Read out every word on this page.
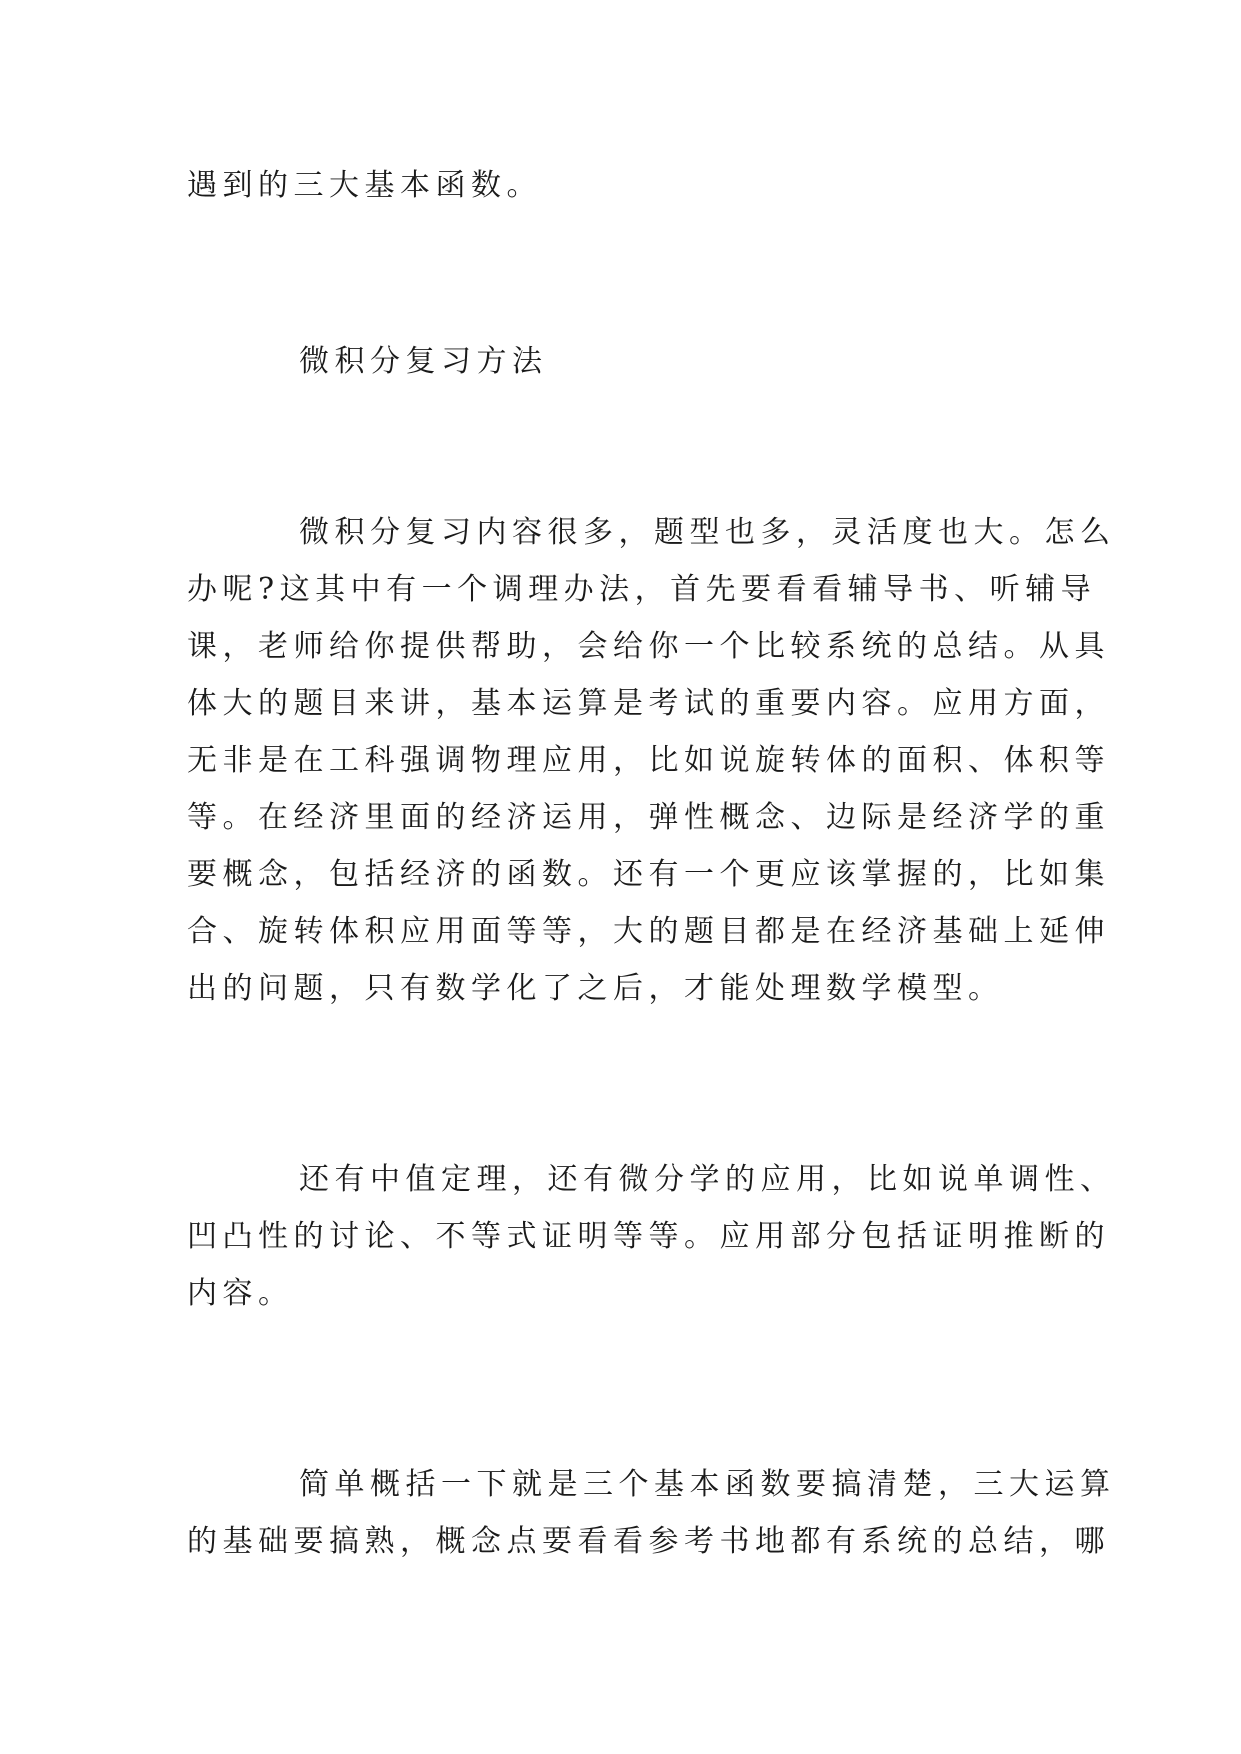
遇到的三大基本函数。
微积分复习方法
微积分复习内容很多，题型也多，灵活度也大。怎么
办呢?这其中有一个调理办法，首先要看看辅导书、听辅导
课，老师给你提供帮助，会给你一个比较系统的总结。从具
体大的题目来讲，基本运算是考试的重要内容。应用方面，
无非是在工科强调物理应用，比如说旋转体的面积、体积等
等。在经济里面的经济运用，弹性概念、边际是经济学的重
要概念，包括经济的函数。还有一个更应该掌握的，比如集
合、旋转体积应用面等等，大的题目都是在经济基础上延伸
出的问题，只有数学化了之后，才能处理数学模型。
还有中值定理，还有微分学的应用，比如说单调性、
凹凸性的讨论、不等式证明等等。应用部分包括证明推断的
内容。
简单概括一下就是三个基本函数要搞清楚，三大运算
的基础要搞熟，概念点要看看参考书地都有系统的总结，哪
